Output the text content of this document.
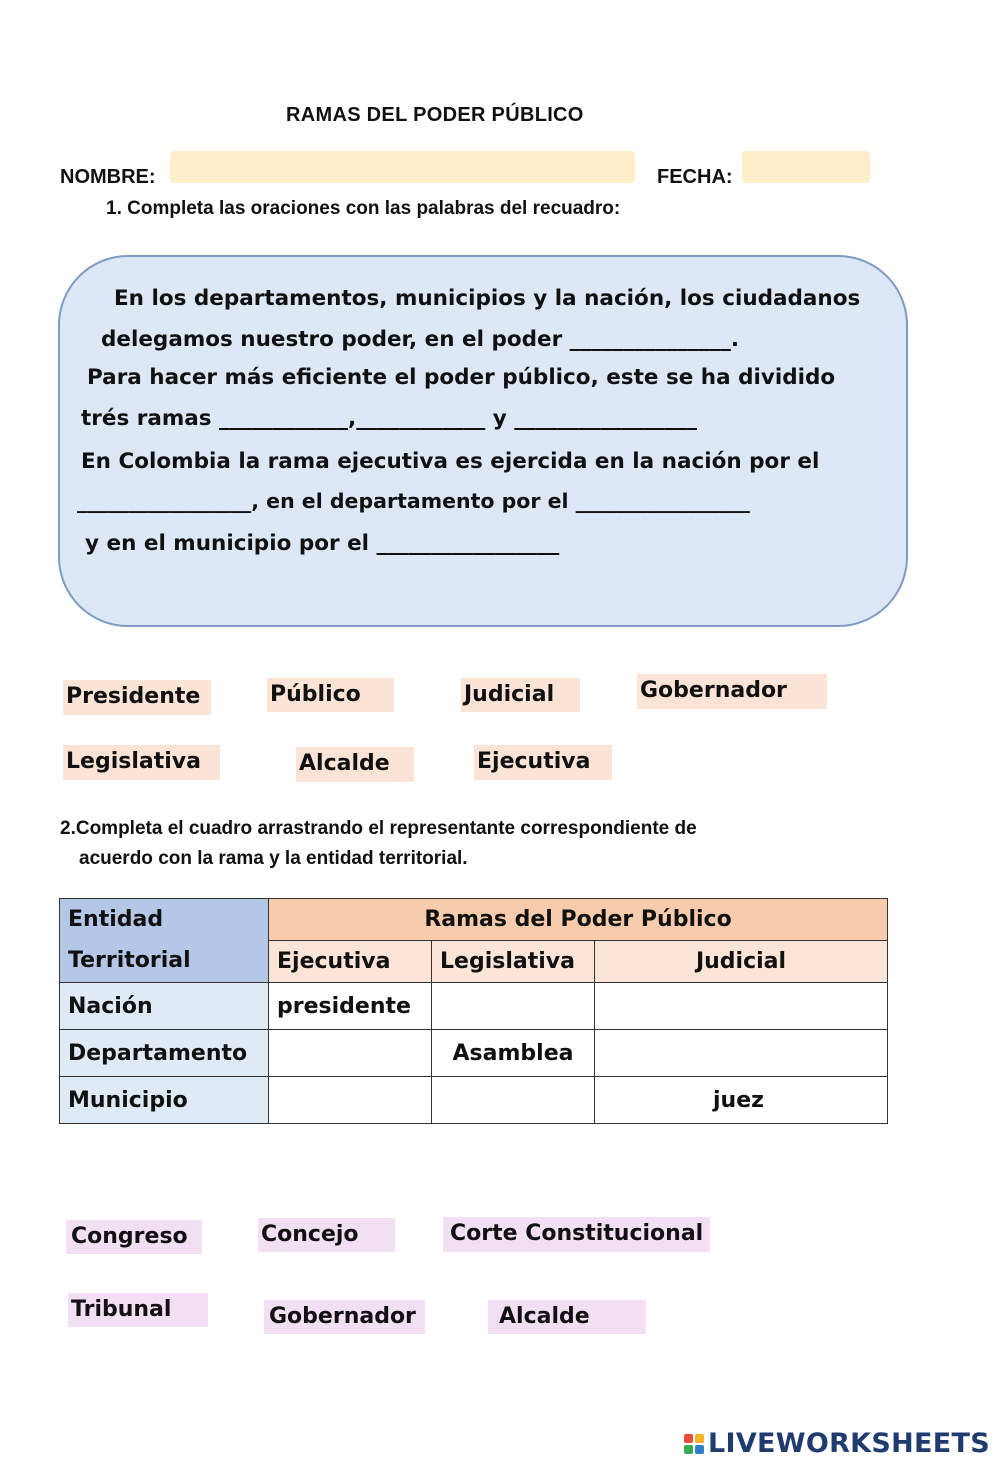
RAMAS DEL PODER PÚBLICO
NOMBRE:	FECHA:
1. Completa las oraciones con las palabras del recuadro:
En los departamentos, municipios y la nación, los ciudadanos
delegamos nuestro poder, en el poder _______________.
Para hacer más eficiente el poder público, este se ha dividido
trés ramas ____________,____________ y _________________
En Colombia la rama ejecutiva es ejercida en la nación por el
_________________, en el departamento por el _________________
y en el municipio por el _________________
Presidente	Público	Judicial	Gobernador
Legislativa	Alcalde	Ejecutiva
2.Completa el cuadro arrastrando el representante correspondiente de
acuerdo con la rama y la entidad territorial.
Entidad Territorial	Ramas del Poder Público		
	Ejecutiva	Legislativa	Judicial
Nación	presidente		
Departamento		Asamblea	
Municipio			juez
Congreso	Concejo	Corte Constitucional
Tribunal	Gobernador	Alcalde
LIVEWORKSHEETS
